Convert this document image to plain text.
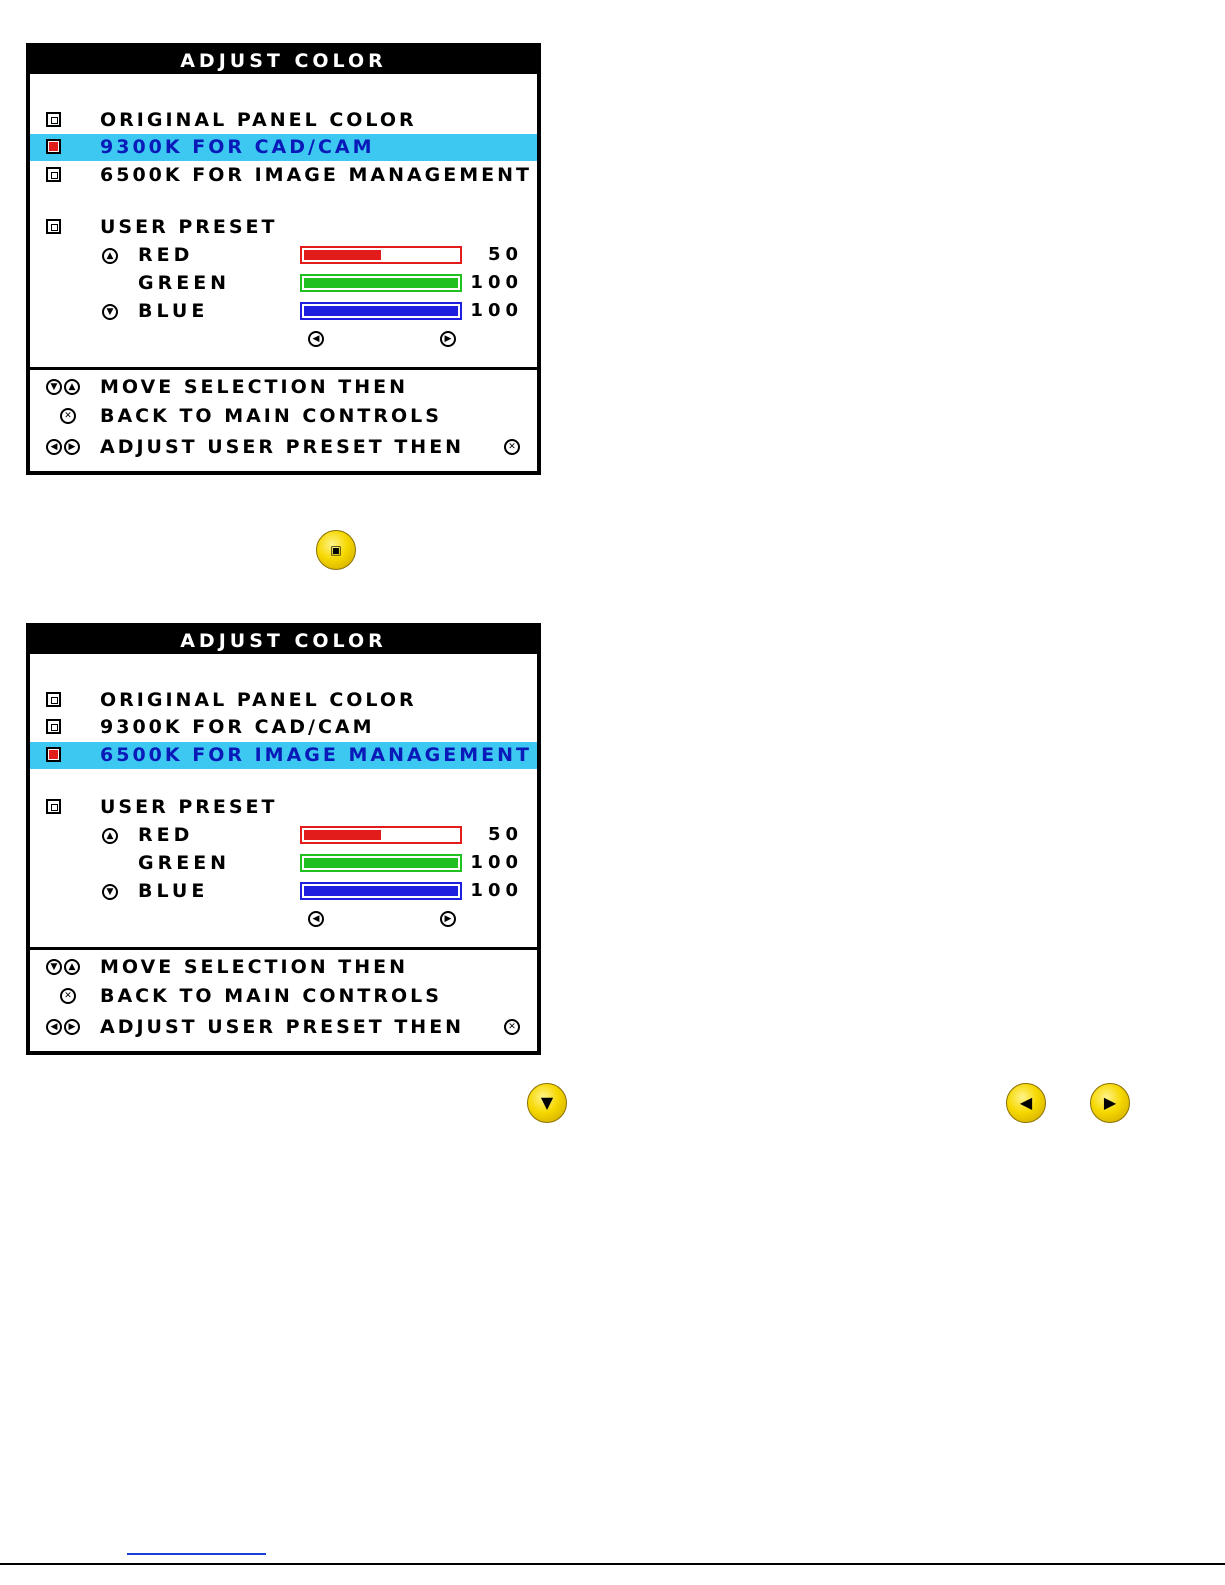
ADJUST COLOR
ORIGINAL PANEL COLOR
9300K FOR CAD/CAM
6500K FOR IMAGE MANAGEMENT
USER PRESET
▲ RED	50
GREEN	100
▼ BLUE	100
◀	▶
▼	▲ MOVE SELECTION THEN
✕ BACK TO MAIN CONTROLS
◀	▶ ADJUST USER PRESET THEN	✕
▣
ADJUST COLOR
ORIGINAL PANEL COLOR
9300K FOR CAD/CAM
6500K FOR IMAGE MANAGEMENT
USER PRESET
▲ RED	50
GREEN	100
▼ BLUE	100
◀	▶
▼	▲ MOVE SELECTION THEN
✕ BACK TO MAIN CONTROLS
◀	▶ ADJUST USER PRESET THEN	✕
▼	◀	▶
